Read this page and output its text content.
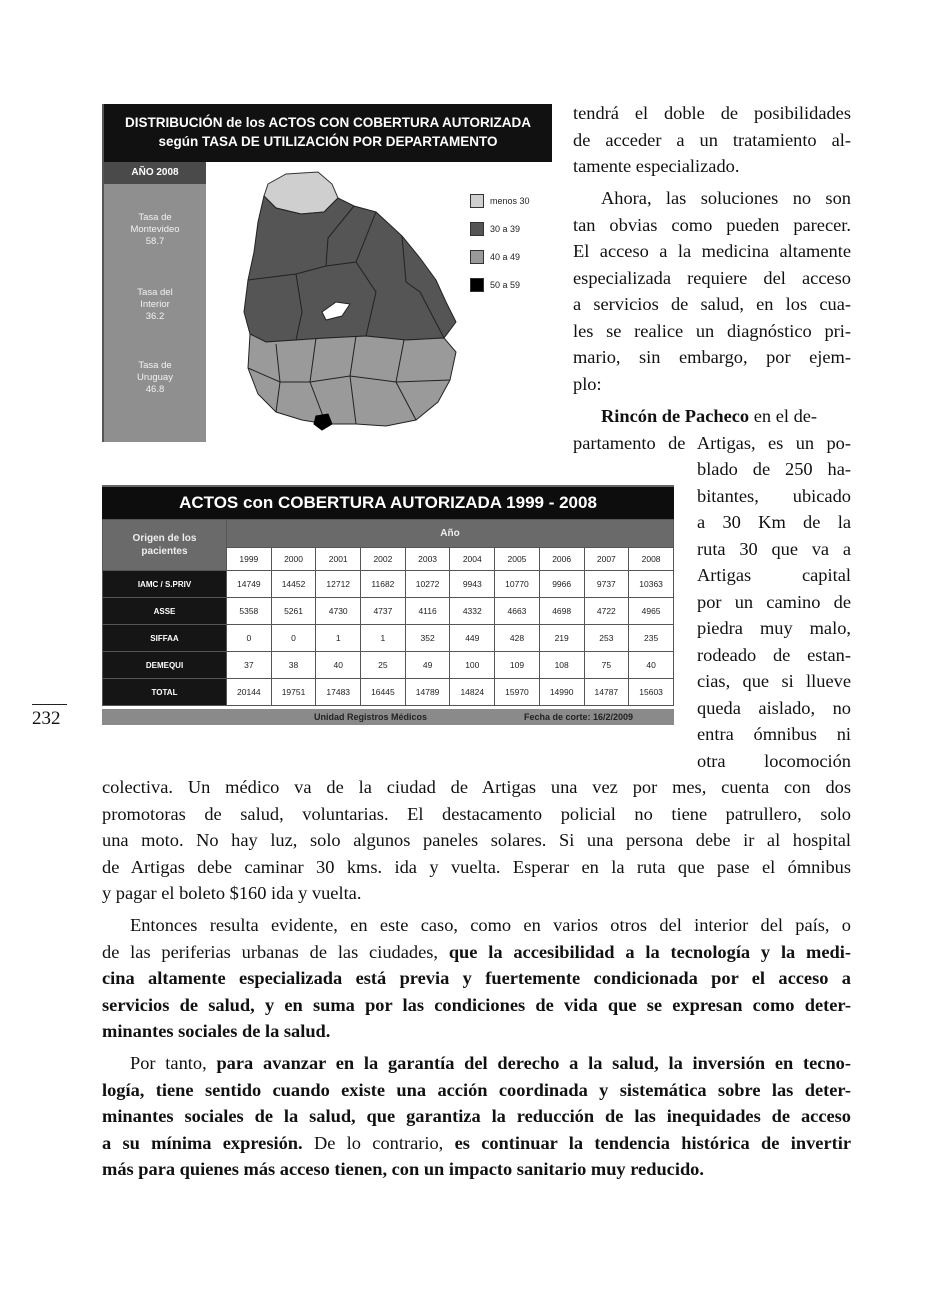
DISTRIBUCIÓN de los ACTOS CON COBERTURA AUTORIZADA
según TASA DE UTILIZACIÓN POR DEPARTAMENTO
AÑO 2008
Tasa de
Montevideo
58.7
Tasa del
Interior
36.2
Tasa de
Uruguay
46.8
menos 30
30 a 39
40 a 49
50 a 59
ACTOS con COBERTURA AUTORIZADA 1999 - 2008
Origen de los
pacientes	Año									
	1999	2000	2001	2002	2003	2004	2005	2006	2007	2008
IAMC / S.PRIV	14749	14452	12712	11682	10272	9943	10770	9966	9737	10363
ASSE	5358	5261	4730	4737	4116	4332	4663	4698	4722	4965
SIFFAA	0	0	1	1	352	449	428	219	253	235
DEMEQUI	37	38	40	25	49	100	109	108	75	40
TOTAL	20144	19751	17483	16445	14789	14824	15970	14990	14787	15603
Unidad Registros Médicos	Fecha de corte: 16/2/2009
232
tendrá el doble de posibilidades
de acceder a un tratamiento al-
tamente especializado.
Ahora, las soluciones no son
tan obvias como pueden parecer.
El acceso a la medicina altamente
especializada requiere del acceso
a servicios de salud, en los cua-
les se realice un diagnóstico pri-
mario, sin embargo, por ejem-
plo:
Rincón de Pacheco en el de-
partamento de Artigas, es un po-
blado de 250 ha-
bitantes, ubicado
a 30 Km de la
ruta 30 que va a
Artigas capital
por un camino de
piedra muy malo,
rodeado de estan-
cias, que si llueve
queda aislado, no
entra ómnibus ni
otra locomoción
colectiva. Un médico va de la ciudad de Artigas una vez por mes, cuenta con dos
promotoras de salud, voluntarias. El destacamento policial no tiene patrullero, solo
una moto. No hay luz, solo algunos paneles solares. Si una persona debe ir al hospital
de Artigas debe caminar 30 kms. ida y vuelta. Esperar en la ruta que pase el ómnibus
y pagar el boleto $160 ida y vuelta.
Entonces resulta evidente, en este caso, como en varios otros del interior del país, o
de las periferias urbanas de las ciudades, que la accesibilidad a la tecnología y la medi-
cina altamente especializada está previa y fuertemente condicionada por el acceso a
servicios de salud, y en suma por las condiciones de vida que se expresan como deter-
minantes sociales de la salud.
Por tanto, para avanzar en la garantía del derecho a la salud, la inversión en tecno-
logía, tiene sentido cuando existe una acción coordinada y sistemática sobre las deter-
minantes sociales de la salud, que garantiza la reducción de las inequidades de acceso
a su mínima expresión. De lo contrario, es continuar la tendencia histórica de invertir
más para quienes más acceso tienen, con un impacto sanitario muy reducido.
